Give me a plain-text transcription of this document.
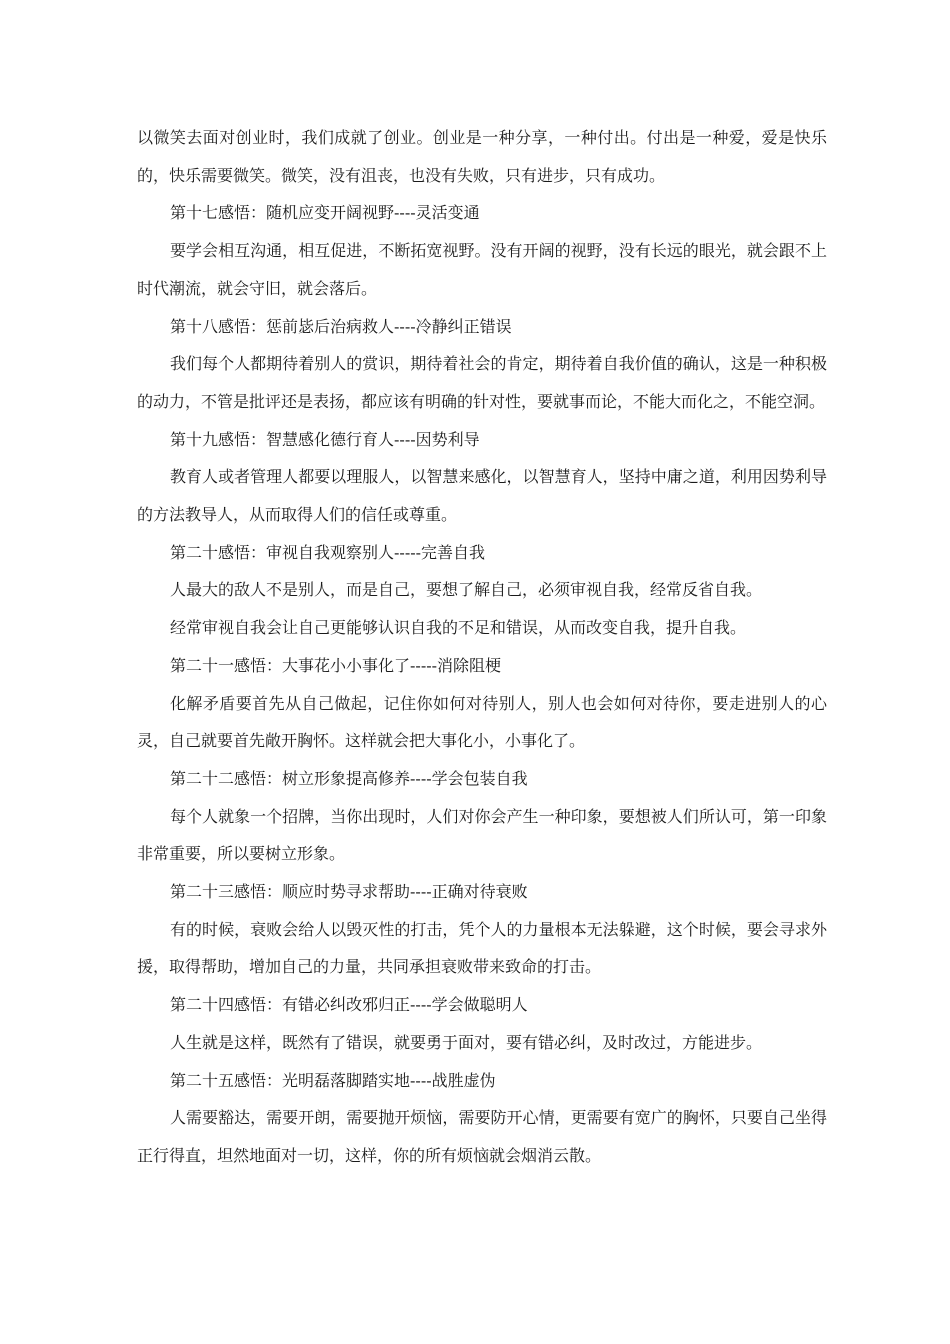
以微笑去面对创业时，我们成就了创业。创业是一种分享，一种付出。付出是一种爱，爱是快乐的，快乐需要微笑。微笑，没有沮丧，也没有失败，只有进步，只有成功。

第十七感悟：随机应变开阔视野----灵活变通

要学会相互沟通，相互促进，不断拓宽视野。没有开阔的视野，没有长远的眼光，就会跟不上时代潮流，就会守旧，就会落后。

第十八感悟：惩前毖后治病救人----冷静纠正错误

我们每个人都期待着别人的赏识，期待着社会的肯定，期待着自我价值的确认，这是一种积极的动力，不管是批评还是表扬，都应该有明确的针对性，要就事而论，不能大而化之，不能空洞。

第十九感悟：智慧感化德行育人----因势利导

教育人或者管理人都要以理服人，以智慧来感化，以智慧育人，坚持中庸之道，利用因势利导的方法教导人，从而取得人们的信任或尊重。

第二十感悟：审视自我观察别人-----完善自我

人最大的敌人不是别人，而是自己，要想了解自己，必须审视自我，经常反省自我。

经常审视自我会让自己更能够认识自我的不足和错误，从而改变自我，提升自我。

第二十一感悟：大事花小小事化了-----消除阻梗

化解矛盾要首先从自己做起，记住你如何对待别人，别人也会如何对待你，要走进别人的心灵，自己就要首先敞开胸怀。这样就会把大事化小，小事化了。

第二十二感悟：树立形象提高修养----学会包装自我

每个人就象一个招牌，当你出现时，人们对你会产生一种印象，要想被人们所认可，第一印象非常重要，所以要树立形象。

第二十三感悟：顺应时势寻求帮助----正确对待衰败

有的时候，衰败会给人以毁灭性的打击，凭个人的力量根本无法躲避，这个时候，要会寻求外援，取得帮助，增加自己的力量，共同承担衰败带来致命的打击。

第二十四感悟：有错必纠改邪归正----学会做聪明人

人生就是这样，既然有了错误，就要勇于面对，要有错必纠，及时改过，方能进步。

第二十五感悟：光明磊落脚踏实地----战胜虚伪

人需要豁达，需要开朗，需要抛开烦恼，需要防开心情，更需要有宽广的胸怀，只要自己坐得正行得直，坦然地面对一切，这样，你的所有烦恼就会烟消云散。
